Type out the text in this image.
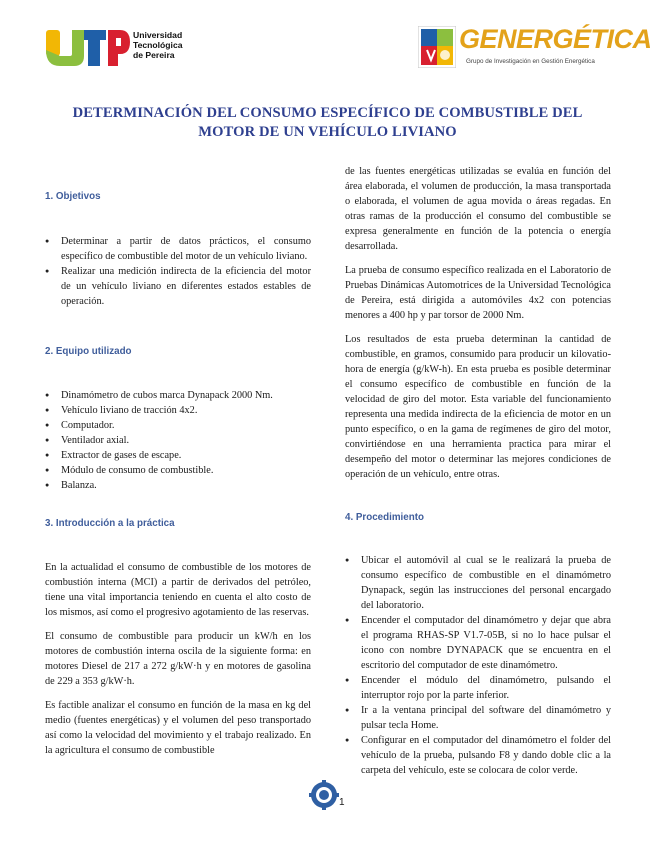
Universidad
Tecnológica
de Pereira
GENERGÉTICA
Grupo de Investigación en Gestión Energética
DETERMINACIÓN DEL CONSUMO ESPECÍFICO DE COMBUSTIBLE DEL
MOTOR DE UN VEHÍCULO LIVIANO
1. Objetivos
● Determinar a partir de datos prácticos, el consumo específico de combustible del motor de un vehículo liviano.
● Realizar una medición indirecta de la eficiencia del motor de un vehículo liviano en diferentes estados estables de operación.
2. Equipo utilizado
● Dinamómetro de cubos marca Dynapack 2000 Nm.
● Vehículo liviano de tracción 4x2.
● Computador.
● Ventilador axial.
● Extractor de gases de escape.
● Módulo de consumo de combustible.
● Balanza.
3. Introducción a la práctica

En la actualidad el consumo de combustible de los motores de combustión interna (MCI) a partir de derivados del petróleo, tiene una vital importancia teniendo en cuenta el alto costo de los mismos, así como el progresivo agotamiento de las reservas.

El consumo de combustible para producir un kW/h en los motores de combustión interna oscila de la siguiente forma: en motores Diesel de 217 a 272 g/kW·h y en motores de gasolina de 229 a 353 g/kW·h.

Es factible analizar el consumo en función de la masa en kg del medio (fuentes energéticas) y el volumen del peso transportado así como la velocidad del movimiento y el trabajo realizado. En la agricultura el consumo de combustible

de las fuentes energéticas utilizadas se evalúa en función del área elaborada, el volumen de producción, la masa transportada o elaborada, el volumen de agua movida o áreas regadas. En otras ramas de la producción el consumo del combustible se expresa generalmente en función de la potencia o energía desarrollada.

La prueba de consumo específico realizada en el Laboratorio de Pruebas Dinámicas Automotrices de la Universidad Tecnológica de Pereira, está dirigida a automóviles 4x2 con potencias menores a 400 hp y par torsor de 2000 Nm.

Los resultados de esta prueba determinan la cantidad de combustible, en gramos, consumido para producir un kilovatio-hora de energía (g/kW-h). En esta prueba es posible determinar el consumo específico de combustible en función de la velocidad de giro del motor. Esta variable del funcionamiento representa una medida indirecta de la eficiencia de motor en un punto específico, o en la gama de regímenes de giro del motor, convirtiéndose en una herramienta practica para mirar el desempeño del motor o determinar las mejores condiciones de operación de un vehículo, entre otras.

4. Procedimiento
● Ubicar el automóvil al cual se le realizará la prueba de consumo específico de combustible en el dinamómetro Dynapack, según las instrucciones del personal encargado del laboratorio.
● Encender el computador del dinamómetro y dejar que abra el programa RHAS-SP V1.7-05B, si no lo hace pulsar el icono con nombre DYNAPACK que se encuentra en el escritorio del computador de este dinamómetro.
● Encender el módulo del dinamómetro, pulsando el interruptor rojo por la parte inferior.
● Ir a la ventana principal del software del dinamómetro y pulsar tecla Home.
● Configurar en el computador del dinamómetro el folder del vehículo de la prueba, pulsando F8 y dando doble clic a la carpeta del vehículo, este se colocara de color verde.
1
